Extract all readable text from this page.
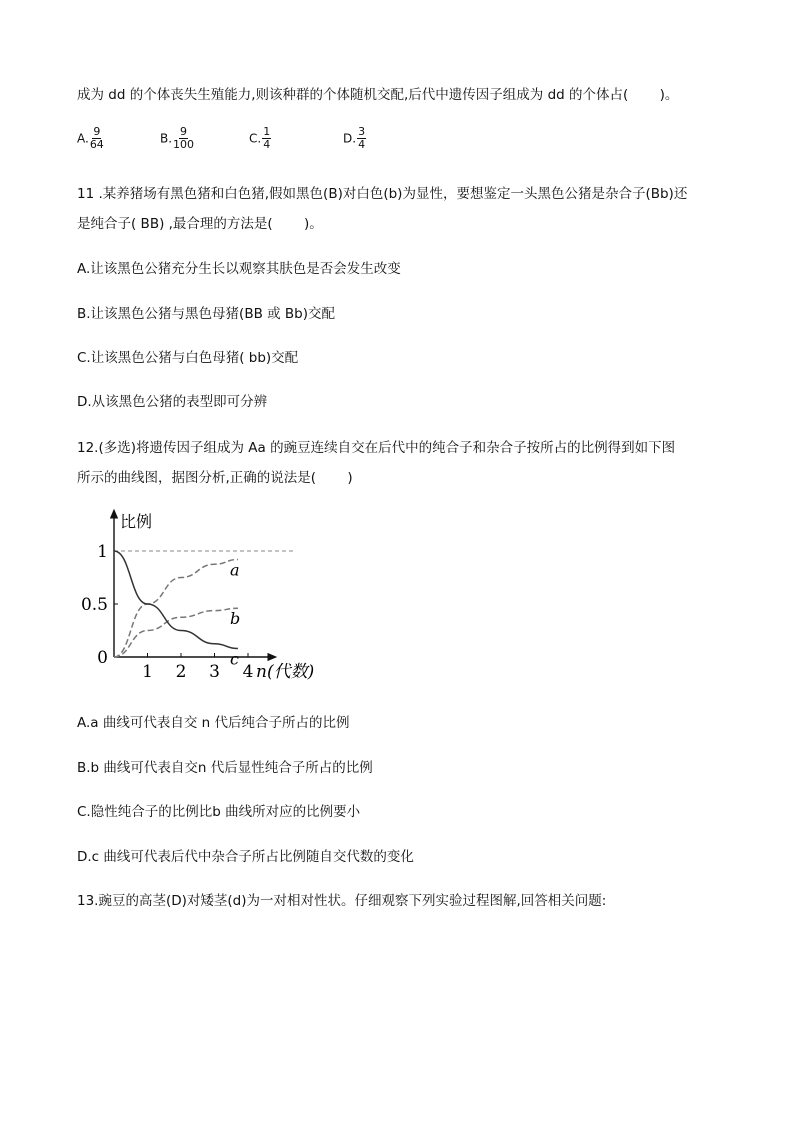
成为 dd 的个体丧失生殖能力,则该种群的个体随机交配,后代中遗传因子组成为 dd 的个体占(　　 )。
A. $\frac{9}{64}$	B. $\frac{9}{100}$	C. $\frac{1}{4}$	D. $\frac{3}{4}$
11 .某养猪场有黑色猪和白色猪,假如黑色(B)对白色(b)为显性，要想鉴定一头黑色公猪是杂合子(Bb)还
是纯合子( BB) ,最合理的方法是(　　 )。
A.让该黑色公猪充分生长以观察其肤色是否会发生改变
B.让该黑色公猪与黑色母猪(BB 或 Bb)交配
C.让该黑色公猪与白色母猪( bb)交配
D.从该黑色公猪的表型即可分辨
12.(多选)将遗传因子组成为 Aa 的豌豆连续自交在后代中的纯合子和杂合子按所占的比例得到如下图
所示的曲线图，据图分析,正确的说法是(　　 )
0
0.5
1
1 2 3 4
比例
n(代数)
a
b
c
A.a 曲线可代表自交 n 代后纯合子所占的比例
B.b 曲线可代表自交n 代后显性纯合子所占的比例
C.隐性纯合子的比例比b 曲线所对应的比例要小
D.c 曲线可代表后代中杂合子所占比例随自交代数的变化
13.豌豆的高茎(D)对矮茎(d)为一对相对性状。仔细观察下列实验过程图解,回答相关问题:
